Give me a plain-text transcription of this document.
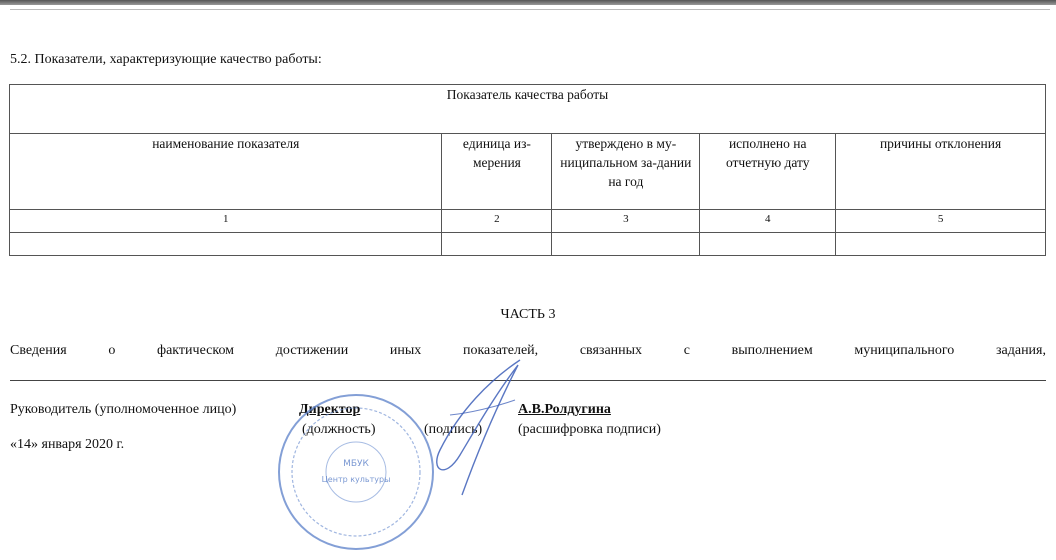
5.2. Показатели, характеризующие качество работы:
Показатель качества работы				
наименование показателя	единица из-мерения	утверждено в му-ниципальном за-дании на год	исполнено на отчетную дату	причины отклонения
1	2	3	4	5

ЧАСТЬ 3
Сведения о фактическом достижении иных показателей, связанных с выполнением муниципального задания,
Руководитель (уполномоченное лицо)	Директор	А.В.Ролдугина
(должность)	(подпись)	(расшифровка подписи)
«14» января 2020 г.
МБУК
Центр культуры
